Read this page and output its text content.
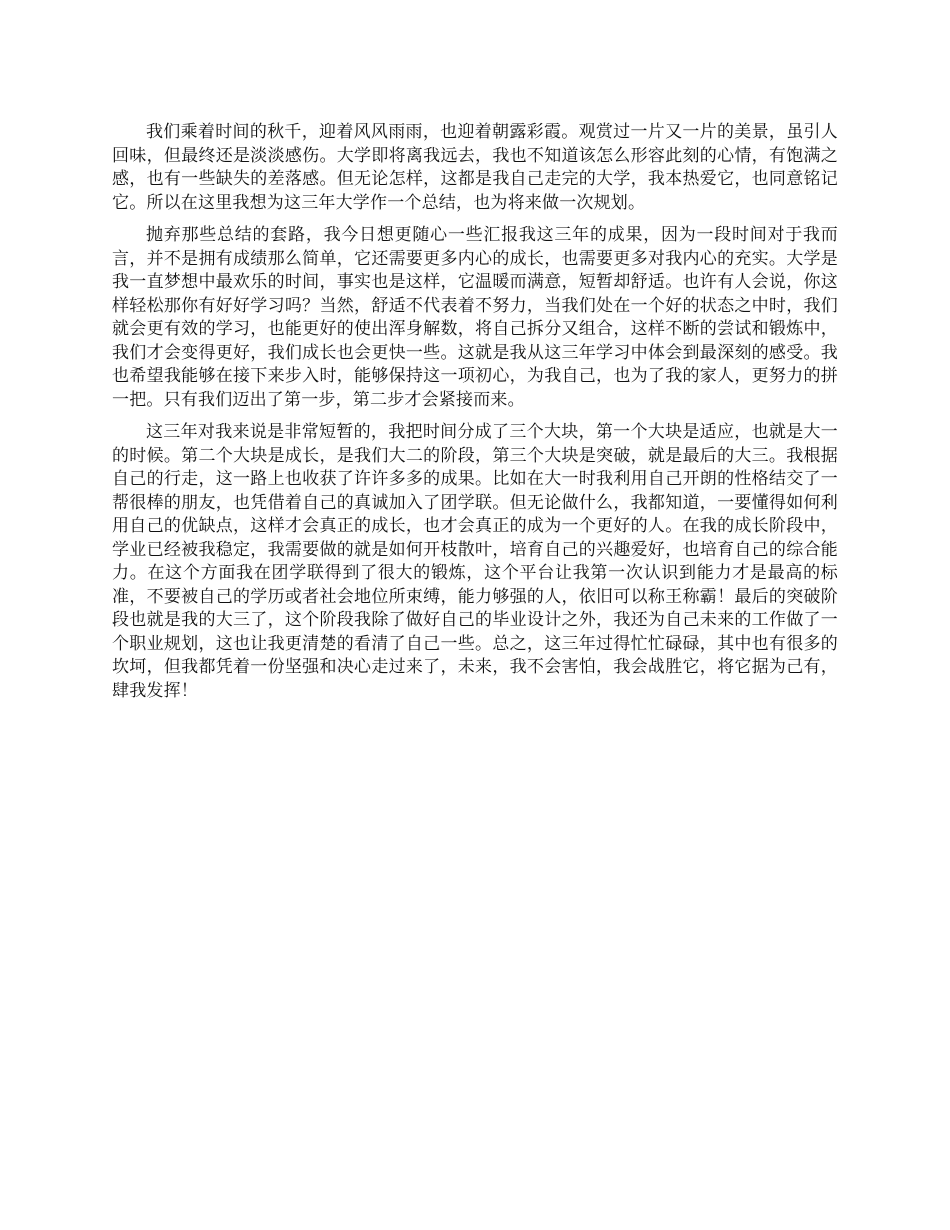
我们乘着时间的秋千，迎着风风雨雨，也迎着朝露彩霞。观赏过一片又一片的美景，虽引人回味，但最终还是淡淡感伤。大学即将离我远去，我也不知道该怎么形容此刻的心情，有饱满之感，也有一些缺失的差落感。但无论怎样，这都是我自己走完的大学，我本热爱它，也同意铭记它。所以在这里我想为这三年大学作一个总结，也为将来做一次规划。

抛弃那些总结的套路，我今日想更随心一些汇报我这三年的成果，因为一段时间对于我而言，并不是拥有成绩那么简单，它还需要更多内心的成长，也需要更多对我内心的充实。大学是我一直梦想中最欢乐的时间，事实也是这样，它温暖而满意，短暂却舒适。也许有人会说，你这样轻松那你有好好学习吗？当然，舒适不代表着不努力，当我们处在一个好的状态之中时，我们就会更有效的学习，也能更好的使出浑身解数，将自己拆分又组合，这样不断的尝试和锻炼中，我们才会变得更好，我们成长也会更快一些。这就是我从这三年学习中体会到最深刻的感受。我也希望我能够在接下来步入时，能够保持这一项初心，为我自己，也为了我的家人，更努力的拼一把。只有我们迈出了第一步，第二步才会紧接而来。

这三年对我来说是非常短暂的，我把时间分成了三个大块，第一个大块是适应，也就是大一的时候。第二个大块是成长，是我们大二的阶段，第三个大块是突破，就是最后的大三。我根据自己的行走，这一路上也收获了许许多多的成果。比如在大一时我利用自己开朗的性格结交了一帮很棒的朋友，也凭借着自己的真诚加入了团学联。但无论做什么，我都知道，一要懂得如何利用自己的优缺点，这样才会真正的成长，也才会真正的成为一个更好的人。在我的成长阶段中，学业已经被我稳定，我需要做的就是如何开枝散叶，培育自己的兴趣爱好，也培育自己的综合能力。在这个方面我在团学联得到了很大的锻炼，这个平台让我第一次认识到能力才是最高的标准，不要被自己的学历或者社会地位所束缚，能力够强的人，依旧可以称王称霸！最后的突破阶段也就是我的大三了，这个阶段我除了做好自己的毕业设计之外，我还为自己未来的工作做了一个职业规划，这也让我更清楚的看清了自己一些。总之，这三年过得忙忙碌碌，其中也有很多的坎坷，但我都凭着一份坚强和决心走过来了，未来，我不会害怕，我会战胜它，将它据为己有，肆我发挥！
